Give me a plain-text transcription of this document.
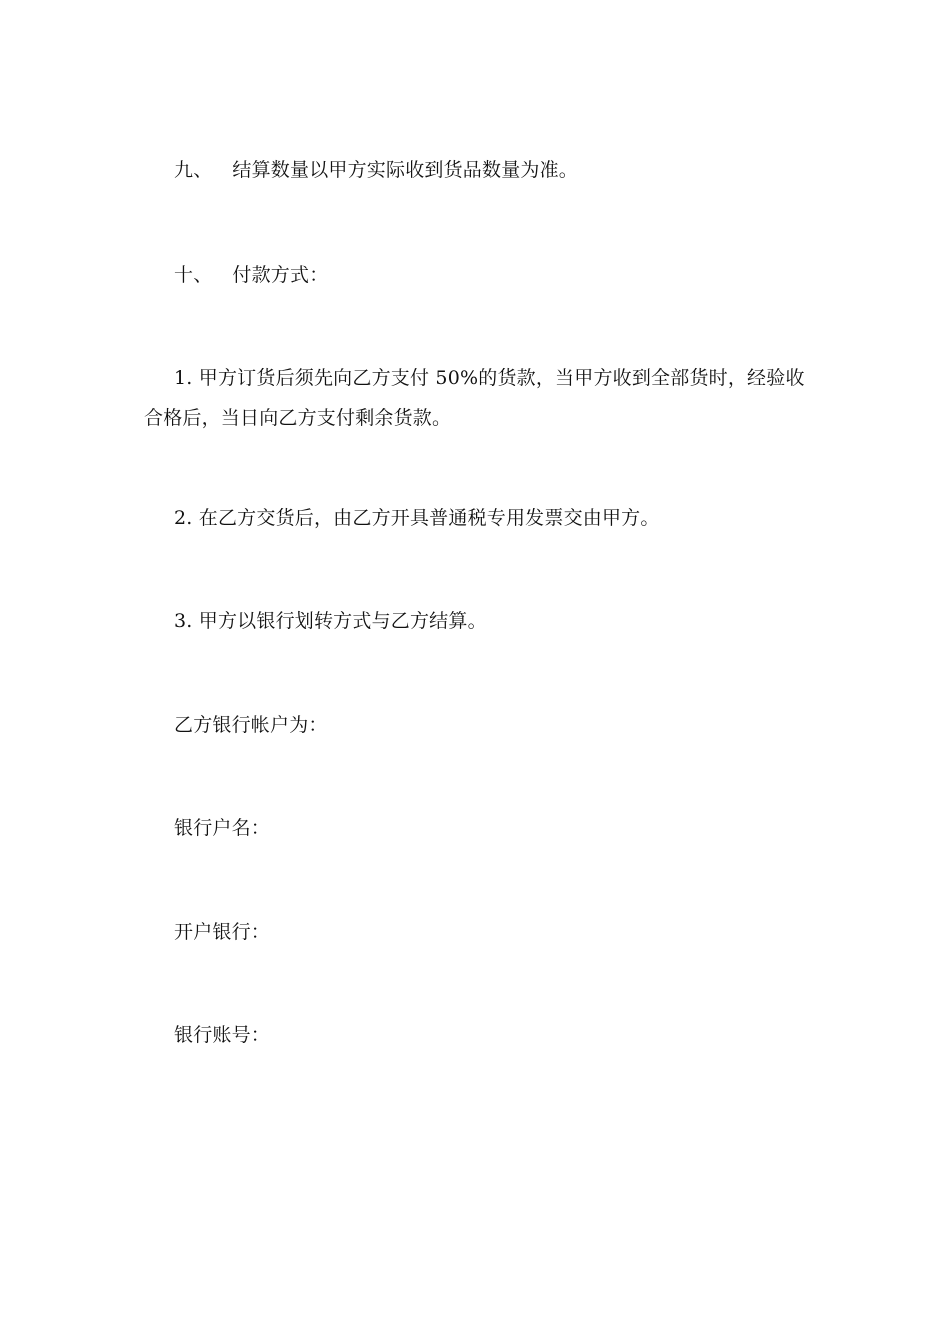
九、 结算数量以甲方实际收到货品数量为准。
十、 付款方式：
1. 甲方订货后须先向乙方支付 50%的货款，当甲方收到全部货时，经验收
合格后，当日向乙方支付剩余货款。
2. 在乙方交货后，由乙方开具普通税专用发票交由甲方。
3. 甲方以银行划转方式与乙方结算。
乙方银行帐户为：
银行户名：
开户银行：
银行账号：
